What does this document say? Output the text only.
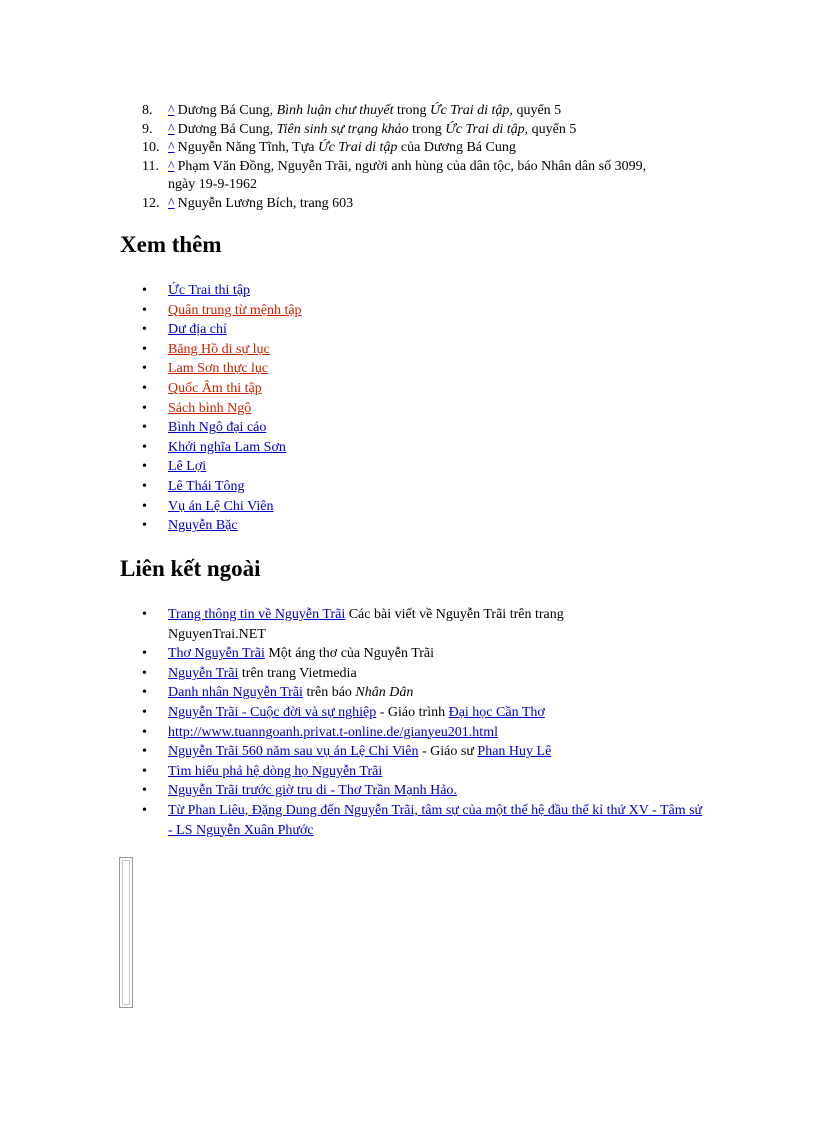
8.	^ Dương Bá Cung, Bình luận chư thuyết trong Ức Trai di tập, quyển 5
9.	^ Dương Bá Cung, Tiên sinh sự trạng khảo trong Ức Trai di tập, quyển 5
10. ^ Nguyễn Năng Tĩnh, Tựa Ức Trai di tập của Dương Bá Cung
11. ^ Phạm Văn Đồng, Nguyễn Trãi, người anh hùng của dân tộc, báo Nhân dân số 3099, ngày 19-9-1962
12. ^ Nguyễn Lương Bích, trang 603
Xem thêm
• Ức Trai thi tập
• Quân trung từ mệnh tập
• Dư địa chí
• Băng Hồ di sự lục
• Lam Sơn thực lục
• Quốc Âm thi tập
• Sách bình Ngô
• Bình Ngô đại cáo
• Khởi nghĩa Lam Sơn
• Lê Lợi
• Lê Thái Tông
• Vụ án Lệ Chi Viên
• Nguyễn Bặc
Liên kết ngoài
• Trang thông tin về Nguyễn Trãi Các bài viết về Nguyễn Trãi trên trang NguyenTrai.NET
• Thơ Nguyễn Trãi Một áng thơ của Nguyễn Trãi
• Nguyễn Trãi trên trang Vietmedia
• Danh nhân Nguyễn Trãi trên báo Nhân Dân
• Nguyễn Trãi - Cuộc đời và sự nghiệp - Giáo trình Đại học Cần Thơ
• http://www.tuanngoanh.privat.t-online.de/gianyeu201.html
• Nguyễn Trãi 560 năm sau vụ án Lệ Chi Viên - Giáo sư Phan Huy Lê
• Tìm hiểu phả hệ dòng họ Nguyễn Trãi
• Nguyễn Trãi trước giờ tru di - Thơ Trần Mạnh Hảo.
• Từ Phan Liêu, Đặng Dung đến Nguyễn Trãi, tâm sự của một thế hệ đầu thế kỉ thứ XV - Tâm sử - LS Nguyễn Xuân Phước
